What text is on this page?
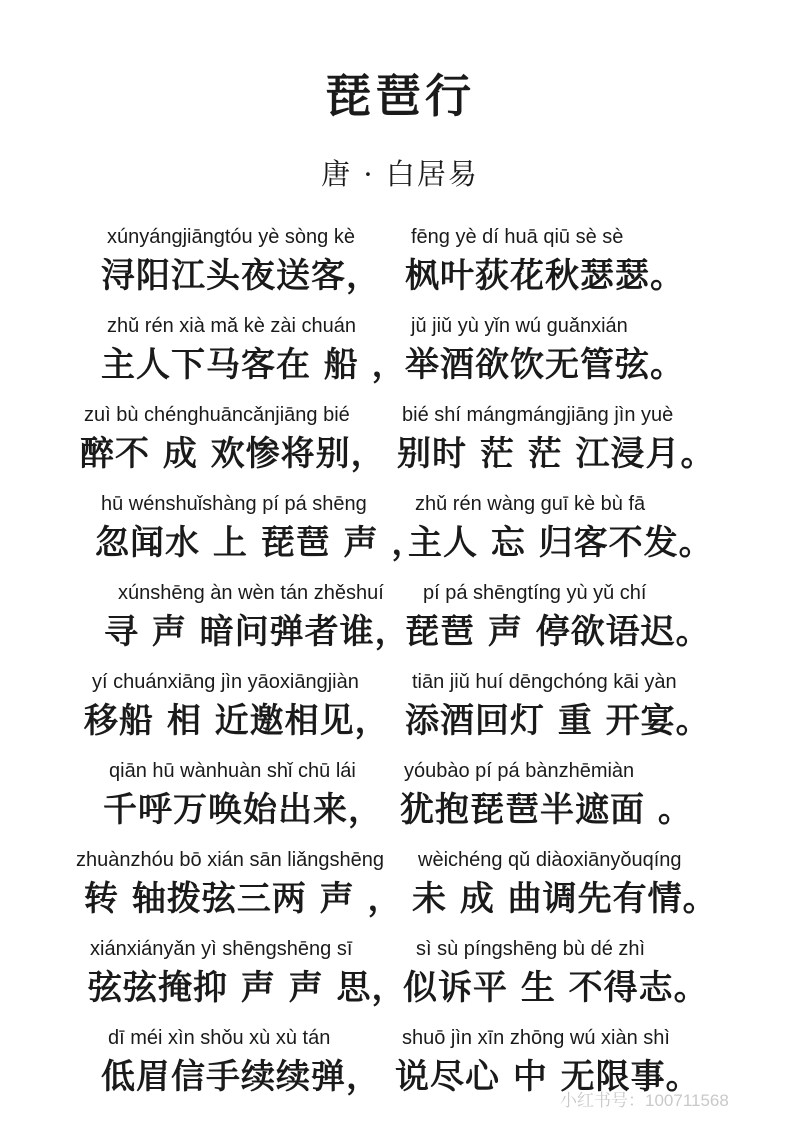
琵琶行
唐 · 白居易
xúnyángjiāngtóu yè sòng kè
浔阳江头夜送客，
fēng yè dí huā qiū sè sè
枫叶荻花秋瑟瑟。
zhǔ rén xià mǎ kè zài chuán
主人下马客在 船 ，
jǔ jiǔ yù yǐn wú guǎnxián
举酒欲饮无管弦。
zuì bù chénghuāncǎnjiāng bié
醉不 成 欢惨将别，
bié shí mángmángjiāng jìn yuè
别时 茫 茫 江浸月。
hū wénshuǐshàng pí pá shēng
忽闻水 上 琵琶 声 ，
zhǔ rén wàng guī kè bù fā
主人 忘 归客不发。
xúnshēng àn wèn tán zhěshuí
寻 声 暗问弹者谁，
pí pá shēngtíng yù yǔ chí
琵琶 声 停欲语迟。
yí chuánxiāng jìn yāoxiāngjiàn
移船 相 近邀相见，
tiān jiǔ huí dēngchóng kāi yàn
添酒回灯 重 开宴。
qiān hū wànhuàn shǐ chū lái
千呼万唤始出来，
yóubào pí pá bànzhēmiàn
犹抱琵琶半遮面 。
zhuànzhóu bō xián sān liǎngshēng
转 轴拨弦三两 声 ，
wèichéng qǔ diàoxiānyǒuqíng
未 成 曲调先有情。
xiánxiányǎn yì shēngshēng sī
弦弦掩抑 声 声 思，
sì sù píngshēng bù dé zhì
似诉平 生 不得志。
dī méi xìn shǒu xù xù tán
低眉信手续续弹，
shuō jìn xīn zhōng wú xiàn shì
说尽心 中 无限事。
小红书号：100711568
